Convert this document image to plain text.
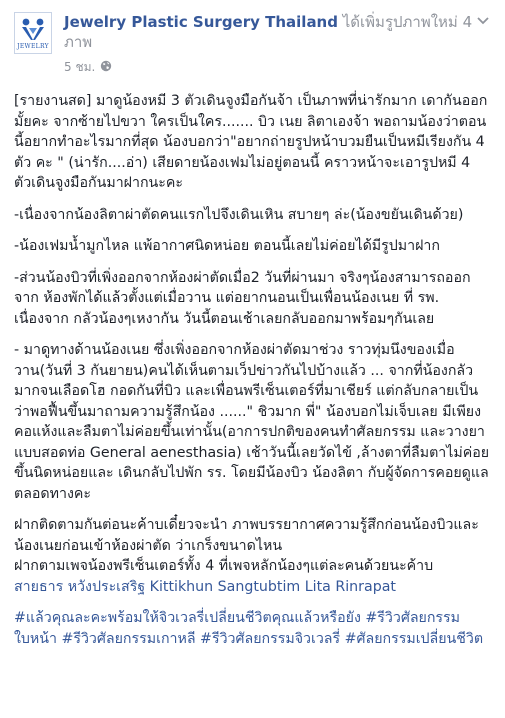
JEWELRY
Jewelry Plastic Surgery Thailand ได้เพิ่มรูปภาพใหม่ 4 ภาพ
5 ชม.

[รายงานสด] มาดูน้องหมี 3 ตัวเดินจูงมือกันจ้า เป็นภาพที่น่ารักมาก เดากันออกมั้ยคะ จากซ้ายไปขวา ใครเป็นใคร....... บิว เนย ลิตาเองจ้า พอถามน้องว่าตอนนี้อยากทำอะไรมากที่สุด น้องบอกว่า"อยากถ่ายรูปหน้าบวมยืนเป็นหมีเรียงกัน 4 ตัว คะ " (น่ารัก....อ่า) เสียดายน้องเฟมไม่อยู่ตอนนี้ คราวหน้าจะเอารูปหมี 4 ตัวเดินจูงมือกันมาฝากนะคะ

-เนื่องจากน้องลิตาผ่าตัดคนแรกไปจึงเดินเหิน สบายๆ ล่ะ(น้องขยันเดินด้วย)

-น้องเฟมน้ำมูกไหล แพ้อากาศนิดหน่อย ตอนนี้เลยไม่ค่อยได้มีรูปมาฝาก

-ส่วนน้องบิวที่เพิ่งออกจากห้องผ่าตัดเมื่อ2 วันที่ผ่านมา จริงๆน้องสามารถออกจาก ห้องพักได้แล้วตั้งแต่เมื่อวาน แต่อยากนอนเป็นเพื่อนน้องเนย ที่ รพ. เนื่องจาก กลัวน้องๆเหงากัน วันนี้ตอนเช้าเลยกลับออกมาพร้อมๆกันเลย

- มาดูทางด้านน้องเนย ซึ่งเพิ่งออกจากห้องผ่าตัดมาช่วง ราวทุ่มนึงของเมื่อวาน(วันที่ 3 กันยายน)คนได้เห็นตามเว็ปข่าวกันไปบ้างแล้ว ... จากที่น้องกลัวมากจนเลือดโฮ กอดกันที่บิว และเพื่อนพรีเซ็นเตอร์ที่มาเชียร์ แต่กลับกลายเป็นว่าพอฟื้นขึ้นมาถามความรู้สึกน้อง ......" ชิวมาก พี่" น้องบอกไม่เจ็บเลย มีเพียงคอแห้งและลืมตาไม่ค่อยขึ้นเท่านั้น(อาการปกติของคนทำศัลยกรรม และวางยาแบบสอดท่อ General aenesthasia) เช้าวันนี้เลยวัดไข้ ,ล้างตาที่ลืมตาไม่ค่อยขึ้นนิดหน่อยและ เดินกลับไปพัก รร. โดยมีน้องบิว น้องลิตา กับผู้จัดการคอยดูแล ตลอดทางคะ

ฝากติดตามกันต่อนะค้าบเดี๋ยวจะนำ ภาพบรรยากาศความรู้สึกก่อนน้องบิวและน้องเนยก่อนเข้าห้องผ่าตัด ว่าเกร็งขนาดไหน

ฝากตามเพจน้องพรีเซ็นเตอร์ทั้ง 4 ที่เพจหลักน้องๆแต่ละคนด้วยนะค้าบ
สายธาร หวังประเสริฐ Kittikhun Sangtubtim Lita Rinrapat
#แล้วคุณละคะพร้อมให้จิวเวลรี่เปลี่ยนชีวิตคุณแล้วหรือยัง #รีวิวศัลยกรรมใบหน้า #รีวิวศัลยกรรมเกาหลี #รีวิวศัลยกรรมจิวเวลรี่ #ศัลยกรรมเปลี่ยนชีวิต
